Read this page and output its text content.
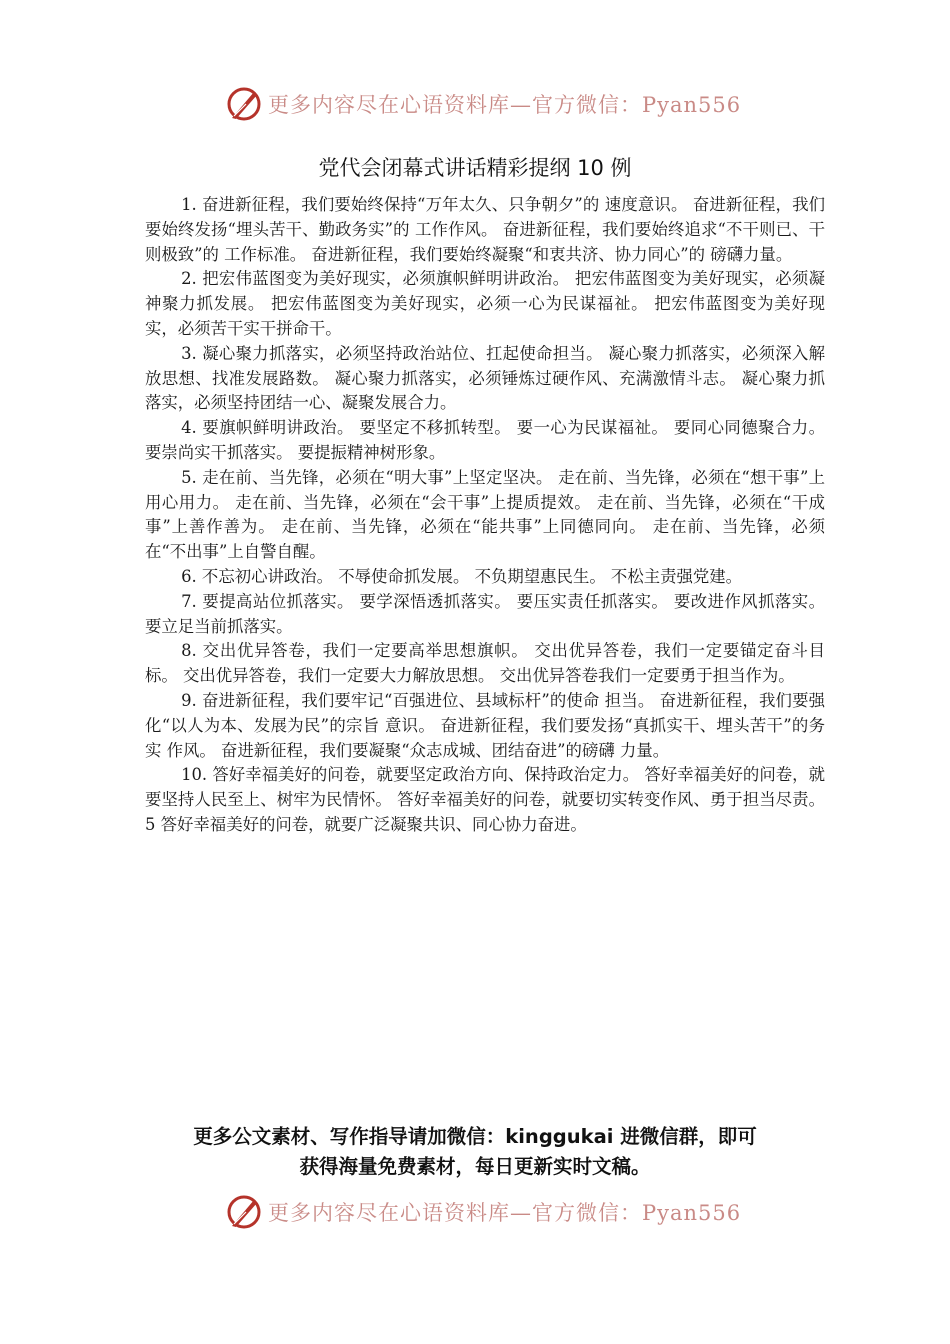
更多内容尽在心语资料库—官方微信：Pyan556
党代会闭幕式讲话精彩提纲 10 例

1. 奋进新征程，我们要始终保持“万年太久、只争朝夕”的 速度意识。 奋进新征程，我们要始终发扬“埋头苦干、勤政务实”的 工作作风。 奋进新征程，我们要始终追求“不干则已、干则极致”的 工作标准。 奋进新征程，我们要始终凝聚“和衷共济、协力同心”的 磅礴力量。

2. 把宏伟蓝图变为美好现实，必须旗帜鲜明讲政治。 把宏伟蓝图变为美好现实，必须凝神聚力抓发展。 把宏伟蓝图变为美好现实，必须一心为民谋福祉。 把宏伟蓝图变为美好现实，必须苦干实干拼命干。

3. 凝心聚力抓落实，必须坚持政治站位、扛起使命担当。 凝心聚力抓落实，必须深入解放思想、找准发展路数。 凝心聚力抓落实，必须锤炼过硬作风、充满激情斗志。 凝心聚力抓落实，必须坚持团结一心、凝聚发展合力。

4. 要旗帜鲜明讲政治。 要坚定不移抓转型。 要一心为民谋福祉。 要同心同德聚合力。 要崇尚实干抓落实。 要提振精神树形象。

5. 走在前、当先锋，必须在“明大事”上坚定坚决。 走在前、当先锋，必须在“想干事”上用心用力。 走在前、当先锋，必须在“会干事”上提质提效。 走在前、当先锋，必须在“干成事”上善作善为。 走在前、当先锋，必须在“能共事”上同德同向。 走在前、当先锋，必须在“不出事”上自警自醒。

6. 不忘初心讲政治。 不辱使命抓发展。 不负期望惠民生。 不松主责强党建。

7. 要提高站位抓落实。 要学深悟透抓落实。 要压实责任抓落实。 要改进作风抓落实。 要立足当前抓落实。

8. 交出优异答卷，我们一定要高举思想旗帜。 交出优异答卷，我们一定要锚定奋斗目标。 交出优异答卷，我们一定要大力解放思想。 交出优异答卷我们一定要勇于担当作为。

9. 奋进新征程，我们要牢记“百强进位、县域标杆”的使命 担当。 奋进新征程，我们要强化“以人为本、发展为民”的宗旨 意识。 奋进新征程，我们要发扬“真抓实干、埋头苦干”的务实 作风。 奋进新征程，我们要凝聚“众志成城、团结奋进”的磅礴 力量。

10. 答好幸福美好的问卷，就要坚定政治方向、保持政治定力。 答好幸福美好的问卷，就要坚持人民至上、树牢为民情怀。 答好幸福美好的问卷，就要切实转变作风、勇于担当尽责。 5 答好幸福美好的问卷，就要广泛凝聚共识、同心协力奋进。

更多公文素材、写作指导请加微信：kinggukai 进微信群，即可
获得海量免费素材，每日更新实时文稿。
更多内容尽在心语资料库—官方微信：Pyan556
